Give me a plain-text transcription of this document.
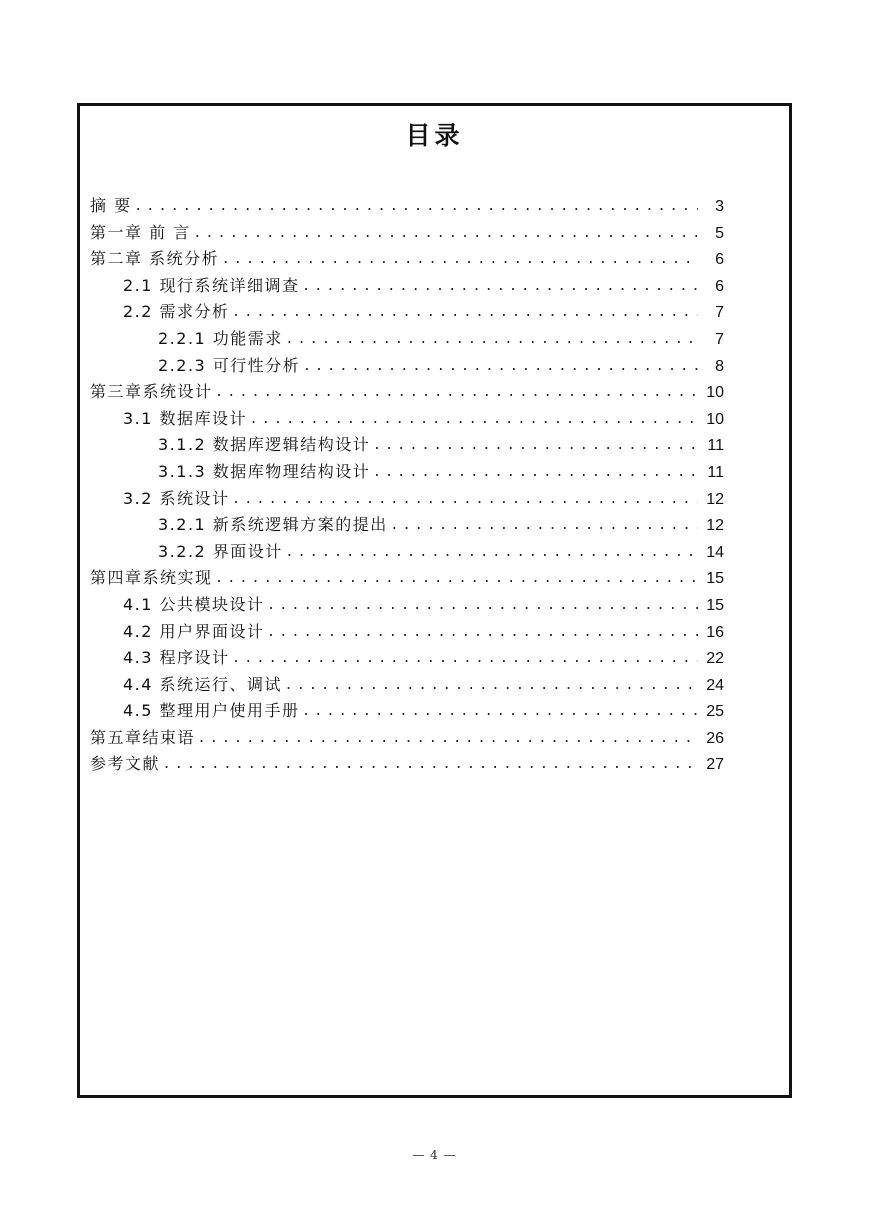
目录
摘 要 . . .	3
第一章 前 言 . . .	5
第二章 系统分析 . . .	6
2.1 现行系统详细调查 . . .	6
2.2 需求分析 . . .	7
2.2.1 功能需求 . . .	7
2.2.3 可行性分析 . . .	8
第三章系统设计 . . .	10
3.1 数据库设计 . . .	10
3.1.2 数据库逻辑结构设计 . . .	11
3.1.3 数据库物理结构设计 . . .	11
3.2 系统设计 . . .	12
3.2.1 新系统逻辑方案的提出 . . .	12
3.2.2 界面设计 . . .	14
第四章系统实现 . . .	15
4.1 公共模块设计 . . .	15
4.2 用户界面设计 . . .	16
4.3 程序设计 . . .	22
4.4 系统运行、调试 . . .	24
4.5 整理用户使用手册 . . .	25
第五章结束语 . . .	26
参考文献 . . .	27
— 4 —
